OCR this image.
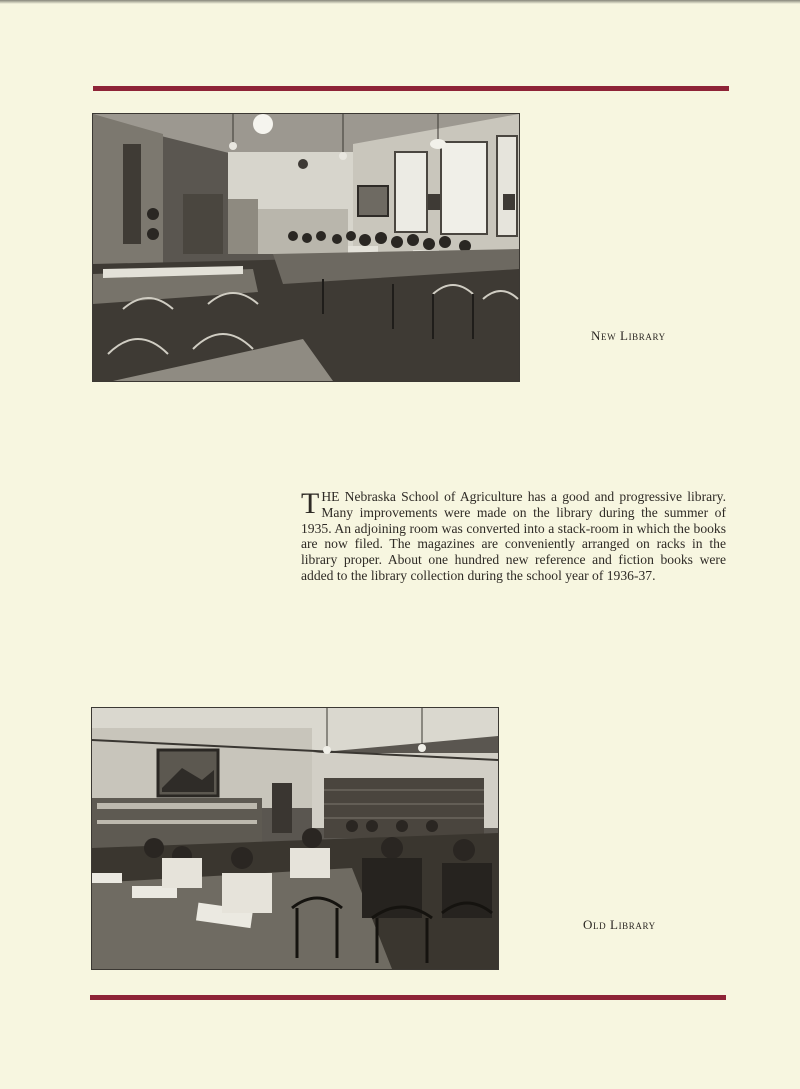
New Library
THE Nebraska School of Agriculture has a good and progressive library. Many improvements were made on the library during the summer of 1935. An adjoining room was converted into a stack-room in which the books are now filed. The magazines are conveniently arranged on racks in the library proper. About one hundred new reference and fiction books were added to the library collection during the school year of 1936-37.
Old Library
